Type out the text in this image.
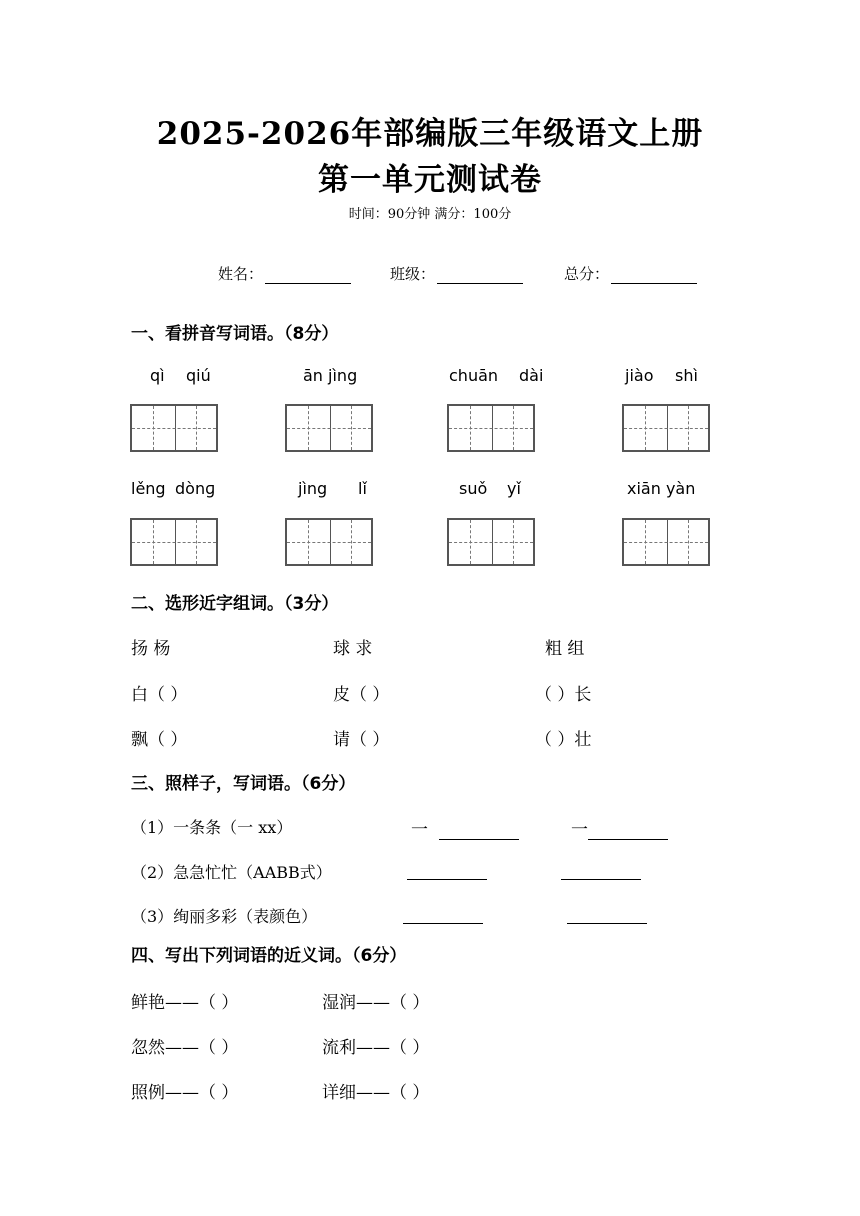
2025-2026年部编版三年级语文上册
第一单元测试卷
时间：90分钟 满分：100分
姓名：	班级：	总分：
一、看拼音写词语。（8分）
qì qiú	ān jìng	chuān dài	jiào shì
lěng dònɡ	jìng lǐ	suǒ yǐ	xiān yàn
二、选形近字组词。（3分）
扬 杨	球 求	粗 组
白（ ）	皮（ ）	（ ）长
飘（ ）	请（ ）	（ ）壮
三、照样子，写词语。（6分）
（1）一条条（一 xx）	一	一
（2）急急忙忙（AABB式）
（3）绚丽多彩（表颜色）
四、写出下列词语的近义词。（6分）
鲜艳——（ ）	湿润——（ ）
忽然——（ ）	流利——（ ）
照例——（ ）	详细——（ ）
